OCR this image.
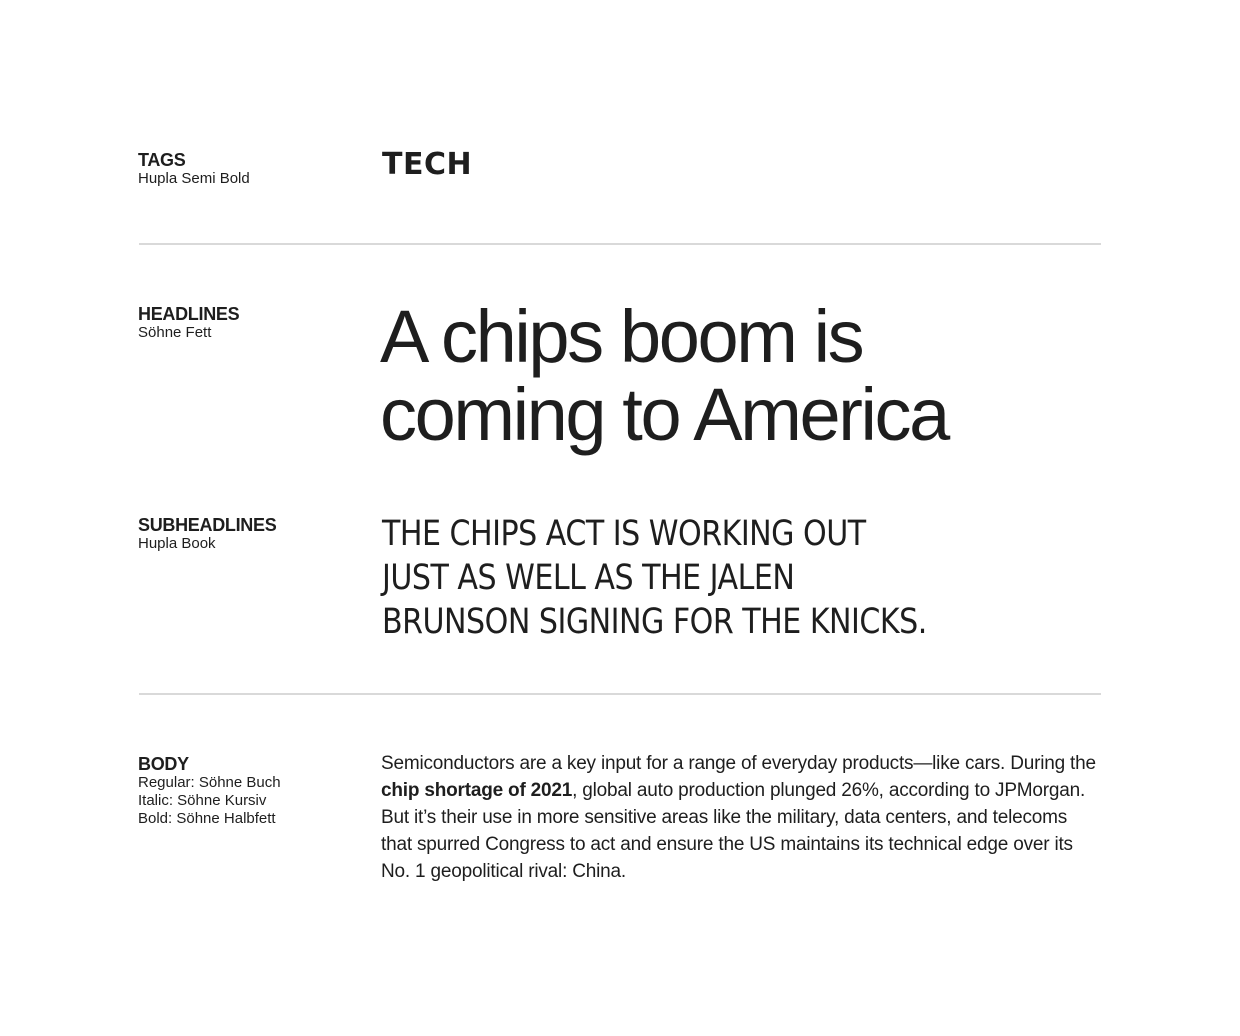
TAGS

Hupla Semi Bold	TECH

HEADLINES

Söhne Fett A chips boom is
coming to America
SUBHEADLINES

Hupla Book	THE CHIPS ACT IS WORKING OUT
JUST AS WELL AS THE JALEN
BRUNSON SIGNING FOR THE KNICKS.
BODY

Regular: Söhne Buch

Italic: Söhne Kursiv

Bold: Söhne Halbfett

Semiconductors are a key input for a range of everyday products—like cars. During the chip shortage of 2021, global auto production plunged 26%, according to JPMorgan. But it’s their use in more sensitive areas like the military, data centers, and telecoms that spurred Congress to act and ensure the US maintains its technical edge over its No. 1 geopolitical rival: China.
